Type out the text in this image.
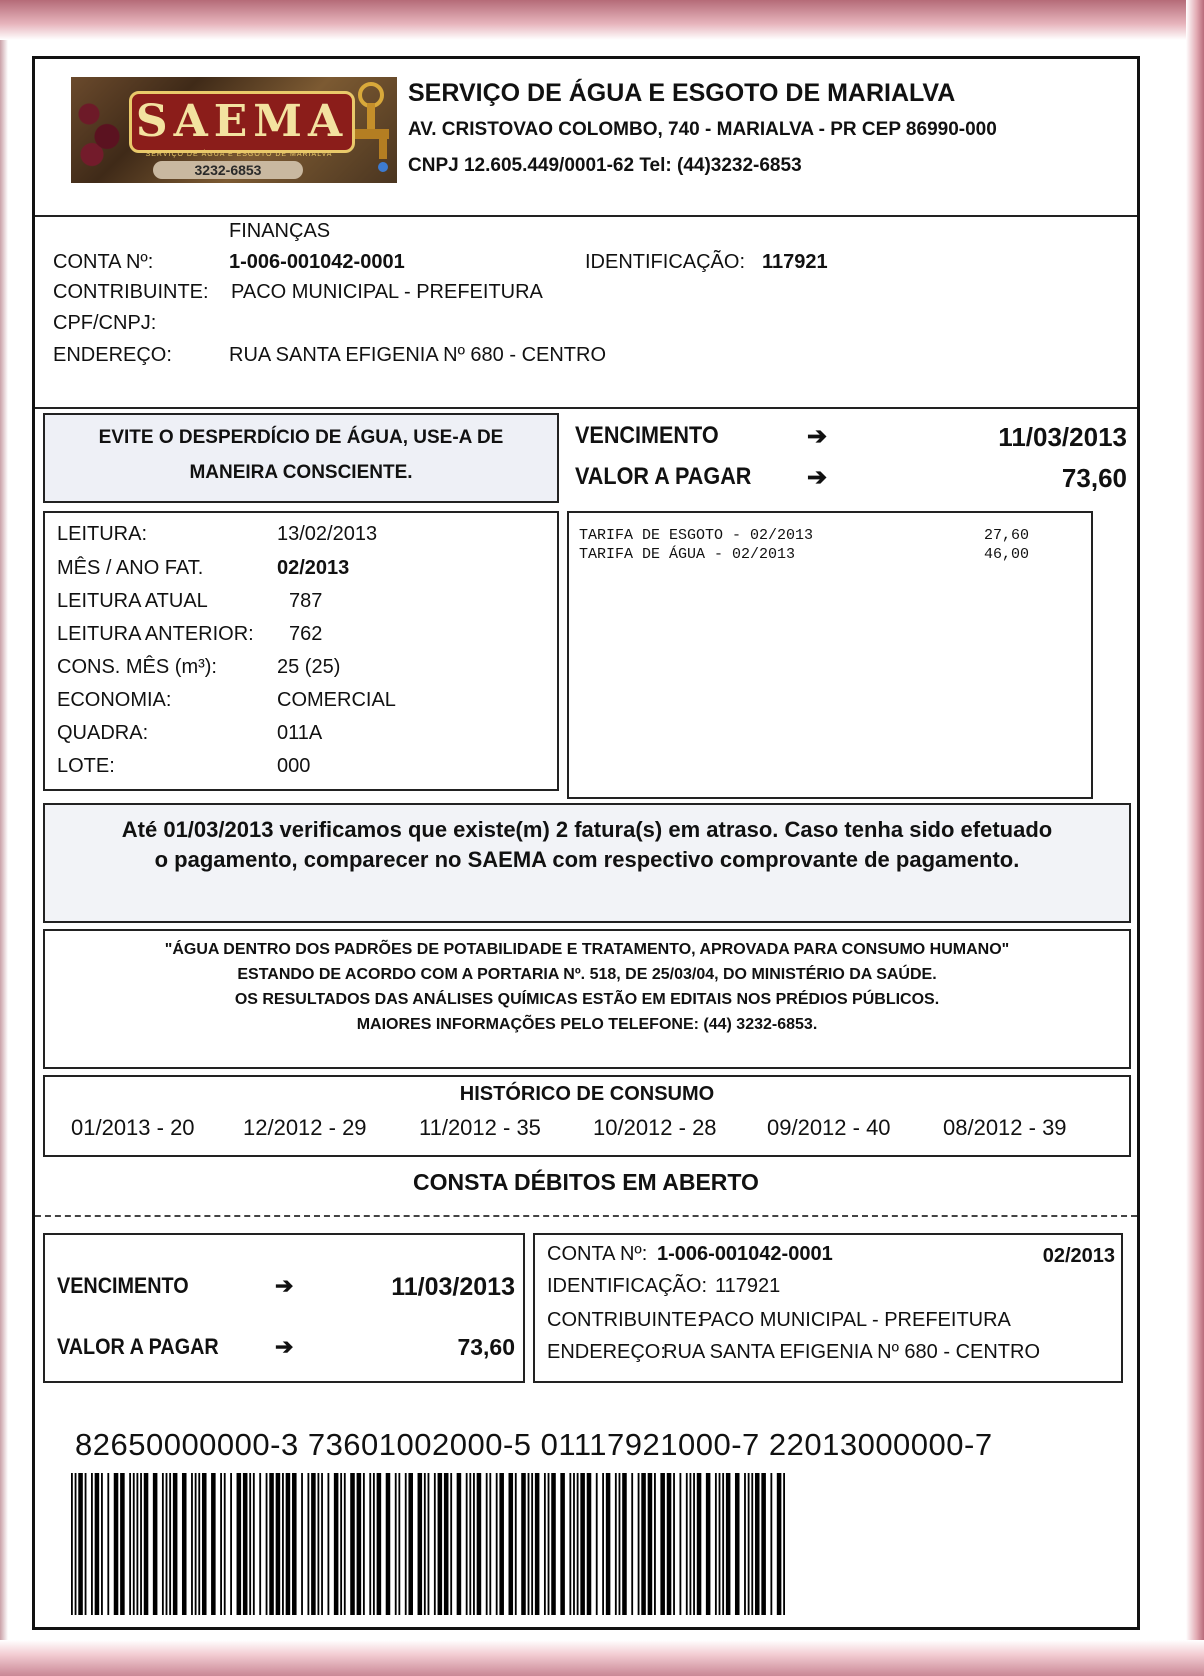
SAEMA
SERVIÇO DE ÁGUA E ESGOTO DE MARIALVA
3232-6853
SERVIÇO DE ÁGUA E ESGOTO DE MARIALVA
AV. CRISTOVAO COLOMBO, 740 - MARIALVA - PR CEP 86990-000
CNPJ 12.605.449/0001-62 Tel: (44)3232-6853
FINANÇAS
CONTA Nº:	1-006-001042-0001	IDENTIFICAÇÃO: 117921
CONTRIBUINTE: PACO MUNICIPAL - PREFEITURA
CPF/CNPJ:
ENDEREÇO:	RUA SANTA EFIGENIA Nº 680 - CENTRO
EVITE O DESPERDÍCIO DE ÁGUA, USE-A DE
MANEIRA CONSCIENTE.
VENCIMENTO	➔	11/03/2013
VALOR A PAGAR ➔	73,60
LEITURA:	13/02/2013
MÊS / ANO FAT.	02/2013
LEITURA ATUAL	787
LEITURA ANTERIOR: 762
CONS. MÊS (m³):	25 (25)
ECONOMIA:	COMERCIAL
QUADRA:	011A
LOTE:	000
TARIFA DE ESGOTO - 02/2013	27,60
TARIFA DE ÁGUA - 02/2013	46,00
Até 01/03/2013 verificamos que existe(m) 2 fatura(s) em atraso. Caso tenha sido efetuado
o pagamento, comparecer no SAEMA com respectivo comprovante de pagamento.
"ÁGUA DENTRO DOS PADRÕES DE POTABILIDADE E TRATAMENTO, APROVADA PARA CONSUMO HUMANO"
ESTANDO DE ACORDO COM A PORTARIA Nº. 518, DE 25/03/04, DO MINISTÉRIO DA SAÚDE.
OS RESULTADOS DAS ANÁLISES QUÍMICAS ESTÃO EM EDITAIS NOS PRÉDIOS PÚBLICOS.
MAIORES INFORMAÇÕES PELO TELEFONE: (44) 3232-6853.
HISTÓRICO DE CONSUMO
01/2013 - 20 12/2012 - 29 11/2012 - 35 10/2012 - 28 09/2012 - 40 08/2012 - 39
CONSTA DÉBITOS EM ABERTO
VENCIMENTO	➔	11/03/2013
VALOR A PAGAR	➔	73,60
CONTA Nº: 1-006-001042-0001	02/2013
IDENTIFICAÇÃO: 117921
CONTRIBUINTE:
PACO MUNICIPAL - PREFEITURA
ENDEREÇO:
RUA SANTA EFIGENIA Nº 680 - CENTRO
82650000000-3 73601002000-5 01117921000-7 22013000000-7
